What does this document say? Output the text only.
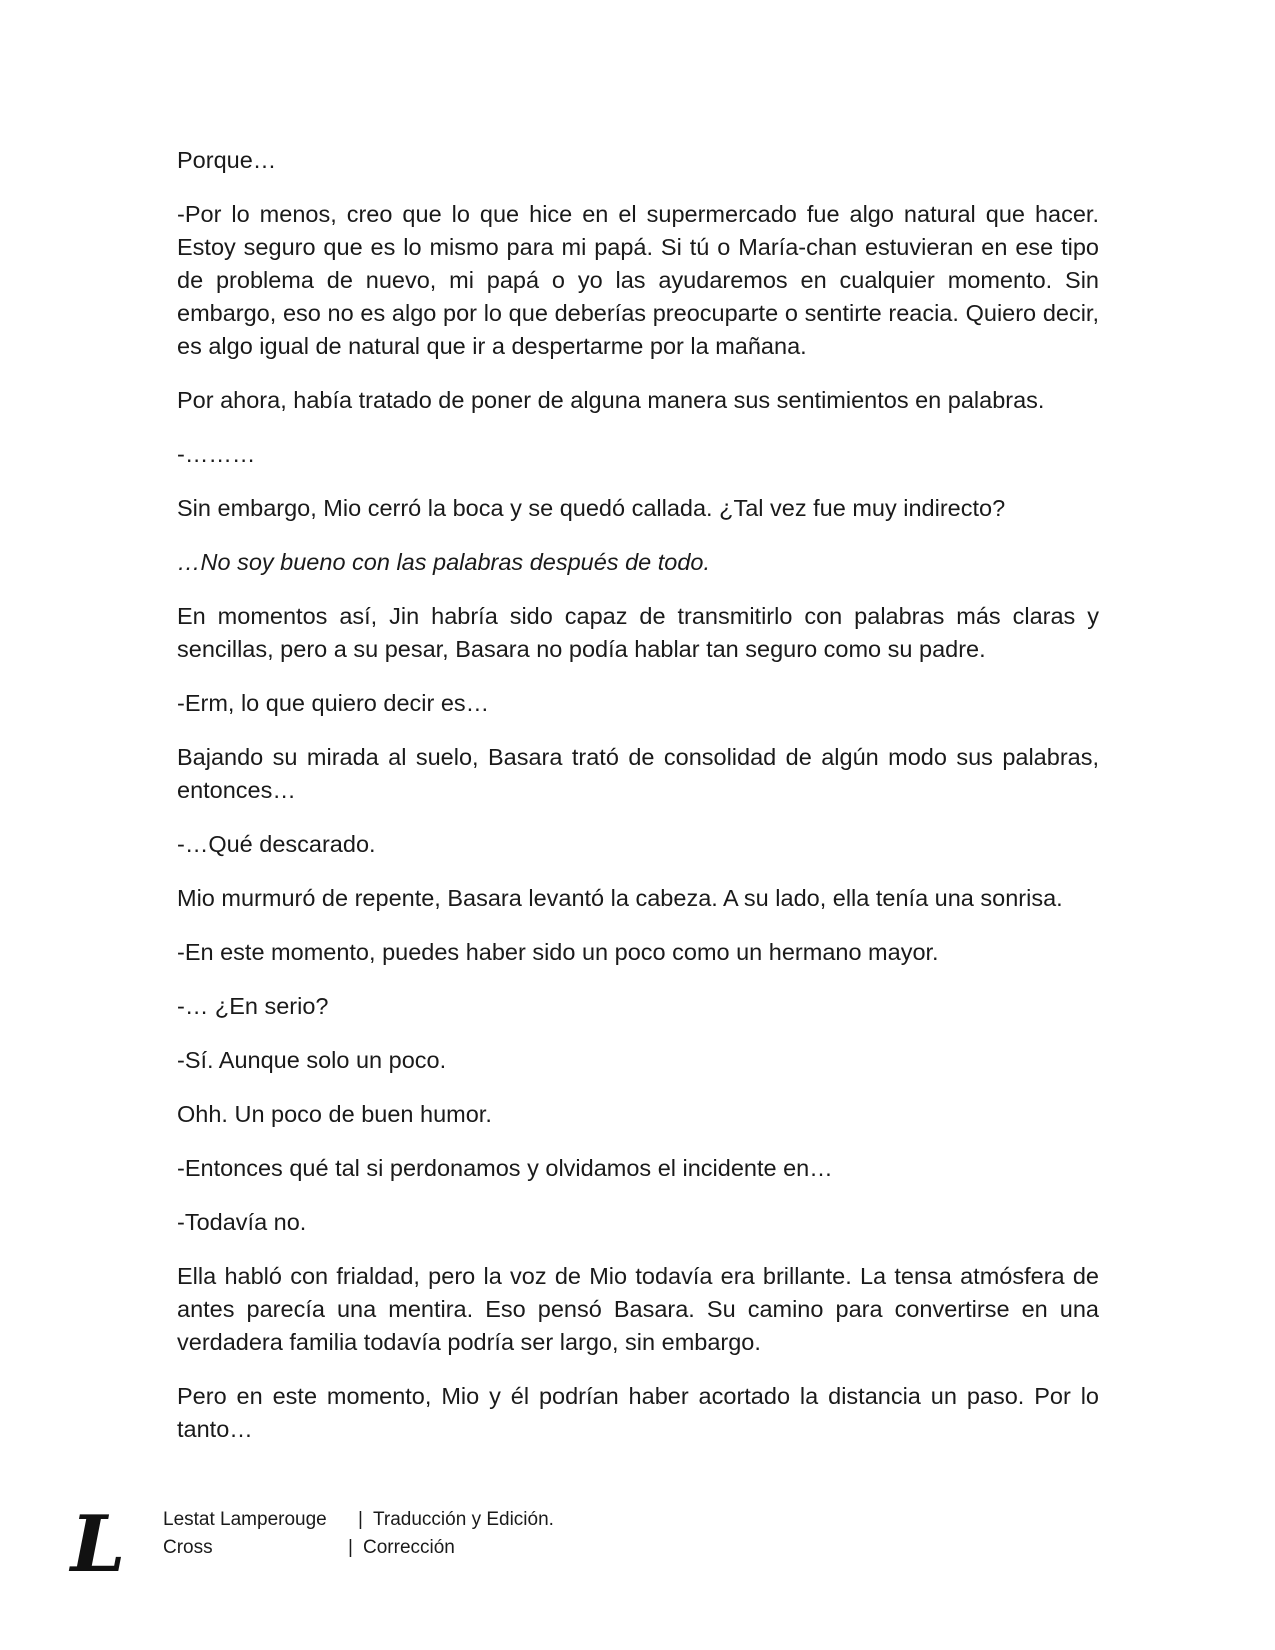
Porque…

-Por lo menos, creo que lo que hice en el supermercado fue algo natural que hacer. Estoy seguro que es lo mismo para mi papá. Si tú o María-chan estuvieran en ese tipo de problema de nuevo, mi papá o yo las ayudaremos en cualquier momento. Sin embargo, eso no es algo por lo que deberías preocuparte o sentirte reacia. Quiero decir, es algo igual de natural que ir a despertarme por la mañana.

Por ahora, había tratado de poner de alguna manera sus sentimientos en palabras.

-………

Sin embargo, Mio cerró la boca y se quedó callada. ¿Tal vez fue muy indirecto?

…No soy bueno con las palabras después de todo.

En momentos así, Jin habría sido capaz de transmitirlo con palabras más claras y sencillas, pero a su pesar, Basara no podía hablar tan seguro como su padre.

-Erm, lo que quiero decir es…

Bajando su mirada al suelo, Basara trató de consolidad de algún modo sus palabras, entonces…

-…Qué descarado.

Mio murmuró de repente, Basara levantó la cabeza. A su lado, ella tenía una sonrisa.

-En este momento, puedes haber sido un poco como un hermano mayor.

-… ¿En serio?

-Sí. Aunque solo un poco.

Ohh. Un poco de buen humor.

-Entonces qué tal si perdonamos y olvidamos el incidente en…

-Todavía no.

Ella habló con frialdad, pero la voz de Mio todavía era brillante. La tensa atmósfera de antes parecía una mentira. Eso pensó Basara. Su camino para convertirse en una verdadera familia todavía podría ser largo, sin embargo.

Pero en este momento, Mio y él podrían haber acortado la distancia un paso. Por lo tanto…

L Lestat Lamperouge | Traducción y Edición.
Cross	| Corrección
